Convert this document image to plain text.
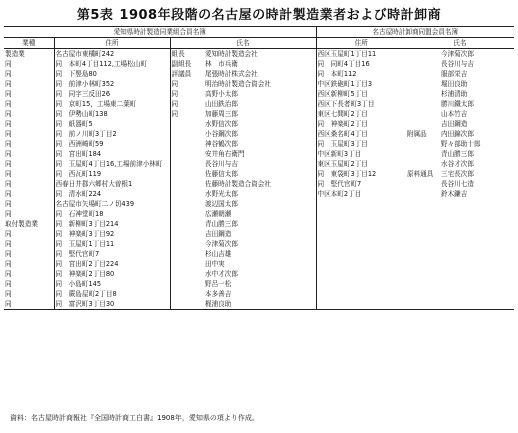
第5表 1908年段階の名古屋の時計製造業者および時計卸商
愛知県時計製造同業組合員名簿				名古屋時計卸商同盟会員名簿		
業種	住所	氏名		住所	氏名	
製造業	名古屋市東橘町242	組長	愛知時計製造会社	西区玉屋町1丁目11		今津菊次郎
同	同　本町4丁目112,工場松山町	副組長	林　市兵衛	同　同町4丁目16		長谷川与吉
同	同　下竪島80	評議員	尾張時計株式会社	同　本町112		服部栄吉
同	同　前津小林町352	同	明治時計製造合資会社	中区鉄砲町1丁目3		堀田良助
同	同　同字三反田26	同	高野小太郎	西区新柳町5丁目		杉浦清助
同	同　京町15，工場東二葉町	同	山田鉄治郎	西区下長者町3丁目		勝川鐵太郎
同	同　伊勢山町138	同	加藤周三郎	東区七間町2丁目		山本竹吉
同	同　紙器町5		水野信次郎	同　神楽町2丁目		吉田鋼造
同	同　前ノ川町3丁目2		小谷鋼次郎	西区桑名町4丁目	附属品	内田錦次郎
同	同　西洲崎町59		神谷鶴次郎	同　玉屋町3丁目		野々部助十郎
同	同　宮出町184		安井角右衛門	中区新町3丁目		青山勝三郎
同	同　玉屋町4丁目16,工場前津小林町		長谷川与吉	東区玉屋町2丁目		水谷才次郎
同	同　西瓦町119		佐藤信太郎	同　東袋町3丁目12	原料通具	三宅長次郎
同	西春日井郡六郷村大曽根1		佐藤時計製造合資会社	同　堅代官町7		長谷川七造
同	同　清水町224		水野光太郎	中区本町2丁目		鈴木鎌吉
同	名古屋市矢場町二ノ切439		渡辺国太郎			
同	同　石神堂町18		広瀬朝瀬			
取付製造業	同　新柳町3丁目214		青山勝三郎			
同	同　神楽町3丁目92		吉田鋼造			
同	同　玉屋町1丁目11		今津菊次郎			
同	同　堅代官町7		杉山吉雄			
同	同　宮出町2丁目224		田中実			
同	同　神楽町2丁目80		水中才次郎			
同	同　小島町145		野呂一松			
同	同　蕨島屋町2丁目8		本多善吉			
同	同　富沢町3丁目30		梶浦良助			
資料：名古屋時計商報社『全国時計商工白書』1908年，愛知県の項より作成。
